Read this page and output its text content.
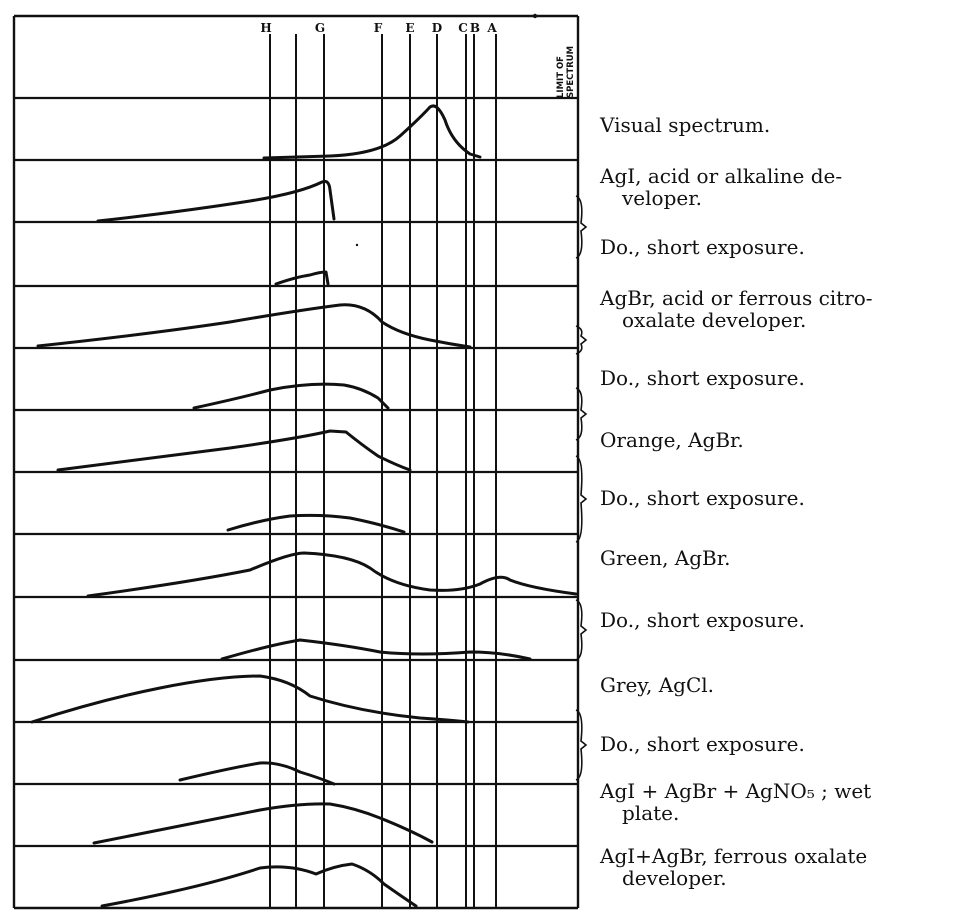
H	G	F E D C B A
LIMIT OF SPECTRUM
Visual spectrum.
AgI, acid or alkaline de-
veloper.
Do., short exposure.
AgBr, acid or ferrous citro-
oxalate developer.
Do., short exposure.
Orange, AgBr.
Do., short exposure.
Green, AgBr.
Do., short exposure.
Grey, AgCl.
Do., short exposure.
AgI + AgBr + AgNO₅ ; wet
plate.
AgI+AgBr, ferrous oxalate
developer.
